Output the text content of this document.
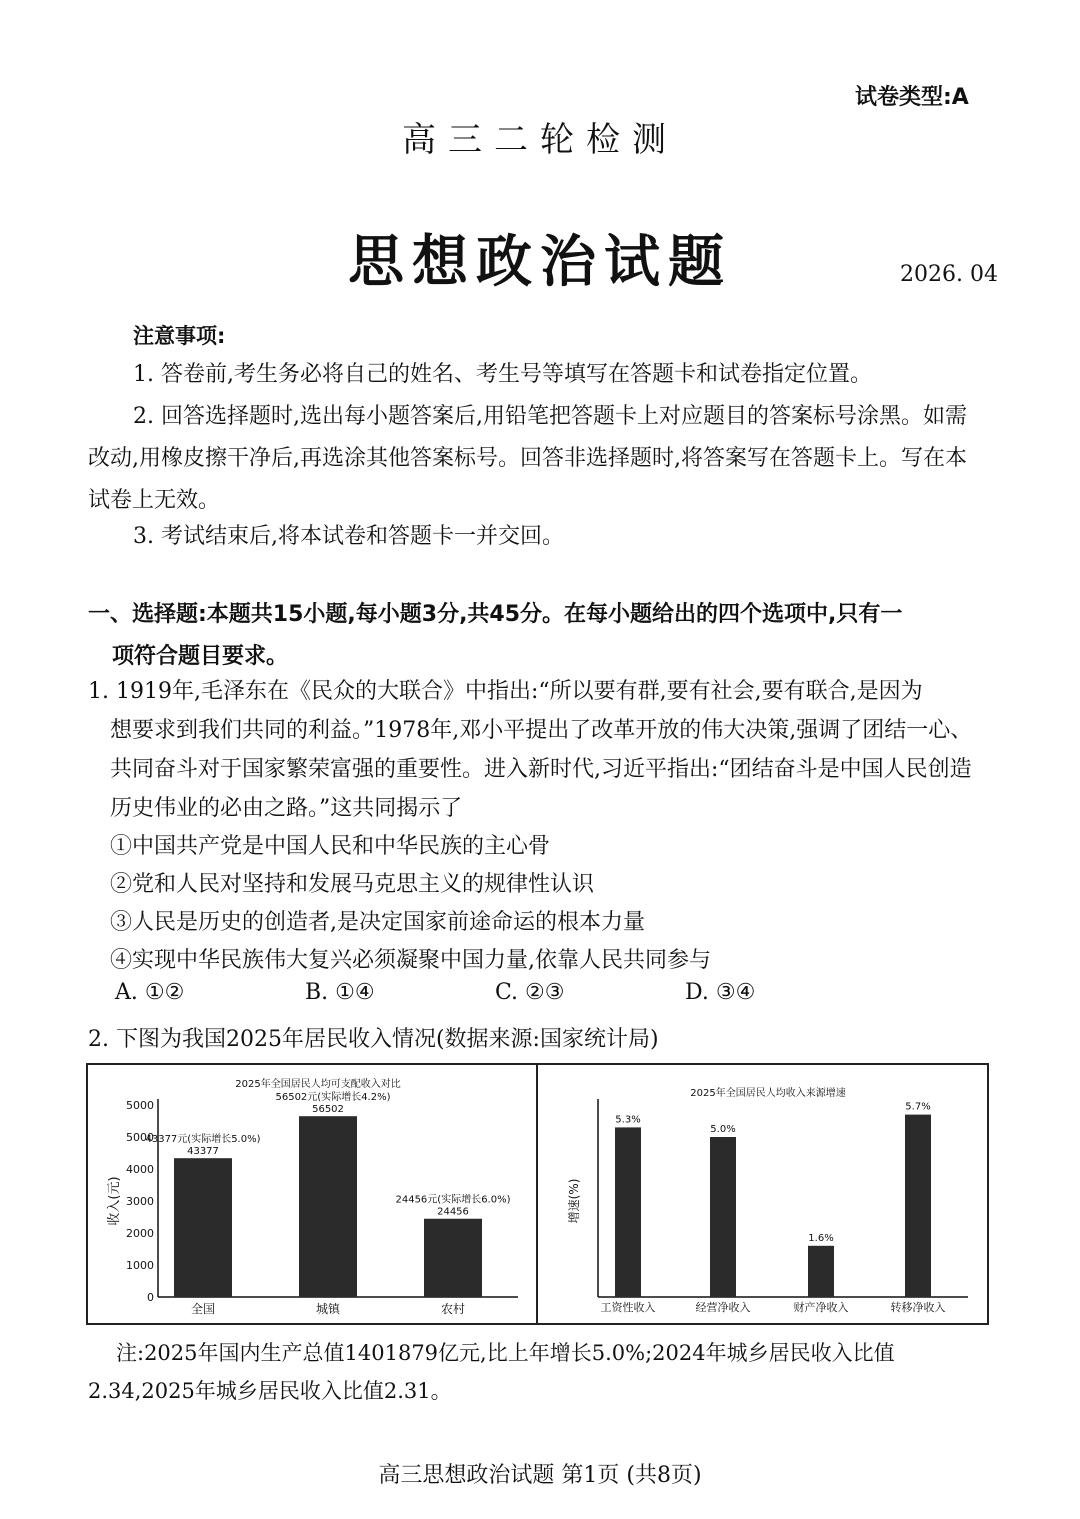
试卷类型:A
高三二轮检测
思想政治试题	2026. 04
注意事项:
1. 答卷前,考生务必将自己的姓名、考生号等填写在答题卡和试卷指定位置。
2. 回答选择题时,选出每小题答案后,用铅笔把答题卡上对应题目的答案标号涂黑。如需改动,用橡皮擦干净后,再选涂其他答案标号。回答非选择题时,将答案写在答题卡上。写在本试卷上无效。
3. 考试结束后,将本试卷和答题卡一并交回。
一、选择题:本题共15小题,每小题3分,共45分。在每小题给出的四个选项中,只有一
项符合题目要求。
1. 1919年,毛泽东在《民众的大联合》中指出:“所以要有群,要有社会,要有联合,是因为
想要求到我们共同的利益。”1978年,邓小平提出了改革开放的伟大决策,强调了团结一心、共同奋斗对于国家繁荣富强的重要性。进入新时代,习近平指出:“团结奋斗是中国人民创造历史伟业的必由之路。”这共同揭示了
①中国共产党是中国人民和中华民族的主心骨
②党和人民对坚持和发展马克思主义的规律性认识
③人民是历史的创造者,是决定国家前途命运的根本力量
④实现中华民族伟大复兴必须凝聚中国力量,依靠人民共同参与
A. ①②	B. ①④	C. ②③	D. ③④
2. 下图为我国2025年居民收入情况(数据来源:国家统计局)
2025年全国居民人均可支配收入对比
0
1000
2000
3000
4000
5000
5000
收入(元)
43377
43377元(实际增长5.0%)
全国
56502
56502元(实际增长4.2%)
城镇
24456
24456元(实际增长6.0%)
农村
2025年全国居民人均收入来源增速
增速(%)
5.3%
工资性收入
5.0%
经营净收入
1.6%
财产净收入
5.7%
转移净收入
注:2025年国内生产总值1401879亿元,比上年增长5.0%;2024年城乡居民收入比值2.34,2025年城乡居民收入比值2.31。
高三思想政治试题 第1页 (共8页)
